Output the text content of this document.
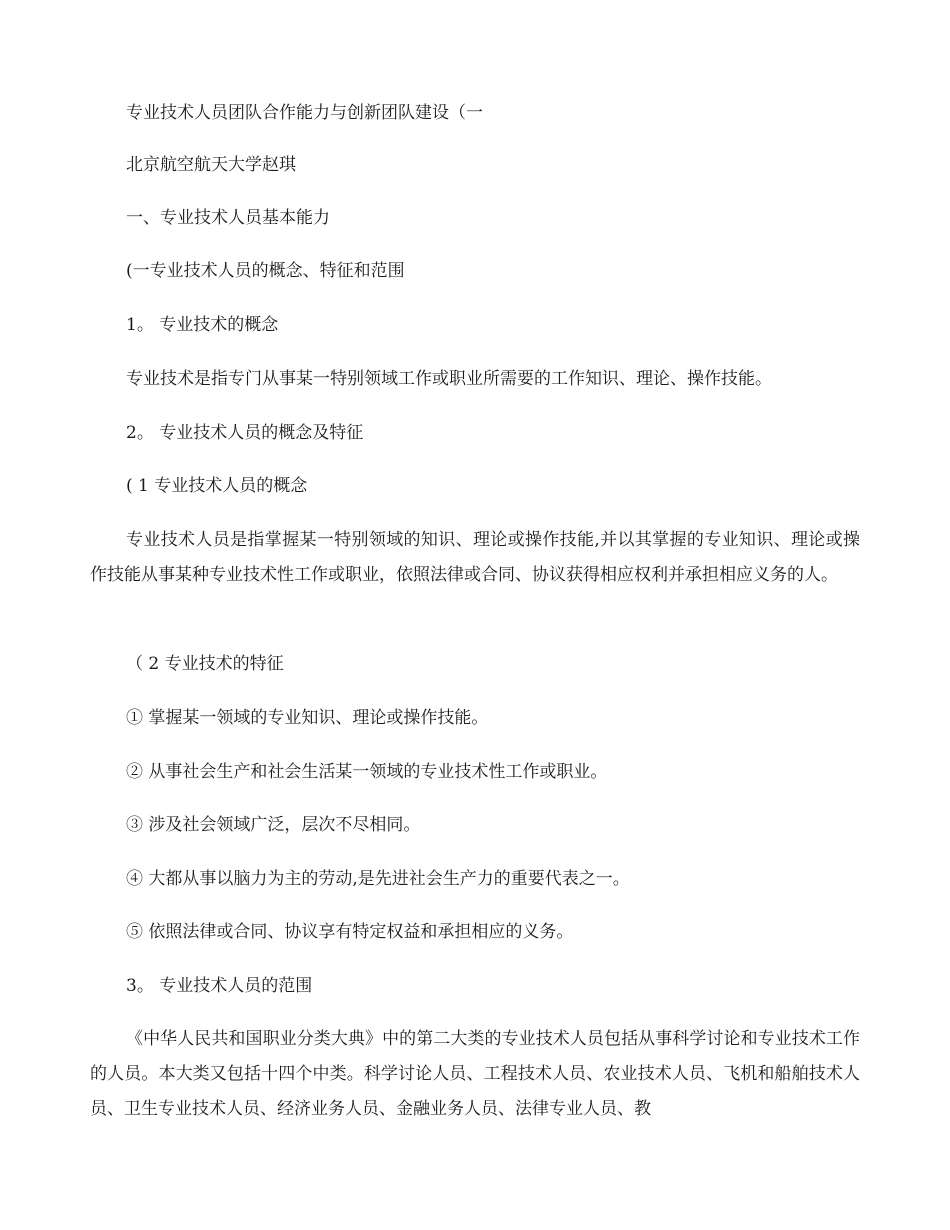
专业技术人员团队合作能力与创新团队建设（一
北京航空航天大学赵琪
一、专业技术人员基本能力
(一专业技术人员的概念、特征和范围
1。 专业技术的概念
专业技术是指专门从事某一特别领域工作或职业所需要的工作知识、理论、操作技能。
2。 专业技术人员的概念及特征
( 1 专业技术人员的概念
专业技术人员是指掌握某一特别领域的知识、理论或操作技能,并以其掌握的专业知识、理论或操作技能从事某种专业技术性工作或职业，依照法律或合同、协议获得相应权利并承担相应义务的人。
（ 2 专业技术的特征
① 掌握某一领域的专业知识、理论或操作技能。
② 从事社会生产和社会生活某一领域的专业技术性工作或职业。
③ 涉及社会领域广泛，层次不尽相同。
④ 大都从事以脑力为主的劳动,是先进社会生产力的重要代表之一。
⑤ 依照法律或合同、协议享有特定权益和承担相应的义务。
3。 专业技术人员的范围
《中华人民共和国职业分类大典》中的第二大类的专业技术人员包括从事科学讨论和专业技术工作的人员。本大类又包括十四个中类。科学讨论人员、工程技术人员、农业技术人员、飞机和船舶技术人员、卫生专业技术人员、经济业务人员、金融业务人员、法律专业人员、教
